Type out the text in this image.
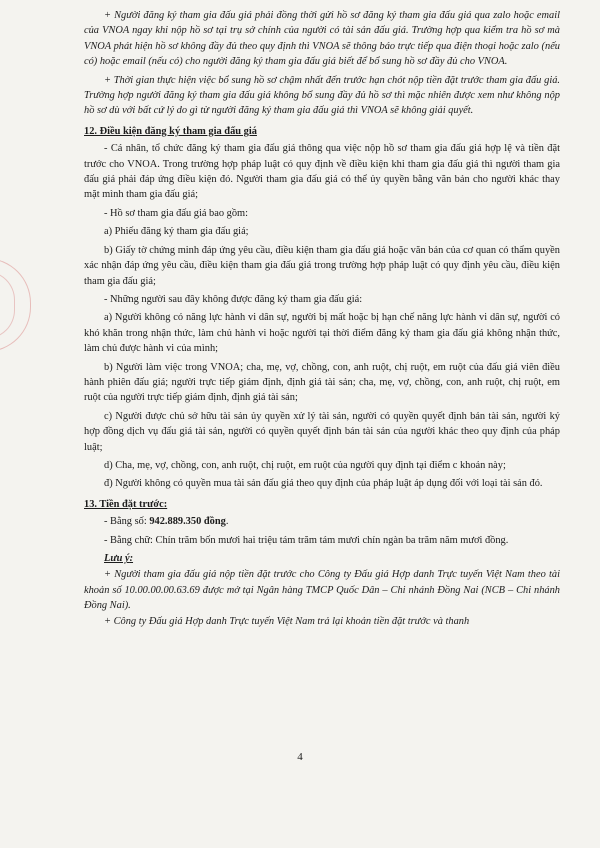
+ Người đăng ký tham gia đấu giá phải đồng thời gửi hồ sơ đăng ký tham gia đấu giá qua zalo hoặc email của VNOA ngay khi nộp hồ sơ tại trụ sở chính của người có tài sản đấu giá. Trường hợp qua kiểm tra hồ sơ mà VNOA phát hiện hồ sơ không đầy đủ theo quy định thì VNOA sẽ thông báo trực tiếp qua điện thoại hoặc zalo (nếu có) hoặc email (nếu có) cho người đăng ký tham gia đấu giá biết để bổ sung hồ sơ đầy đủ cho VNOA.

+ Thời gian thực hiện việc bổ sung hồ sơ chậm nhất đến trước hạn chót nộp tiền đặt trước tham gia đấu giá. Trường hợp người đăng ký tham gia đấu giá không bổ sung đầy đủ hồ sơ thì mặc nhiên được xem như không nộp hồ sơ dù với bất cứ lý do gì từ người đăng ký tham gia đấu giá thì VNOA sẽ không giải quyết.

12. Điều kiện đăng ký tham gia đấu giá

- Cá nhân, tổ chức đăng ký tham gia đấu giá thông qua việc nộp hồ sơ tham gia đấu giá hợp lệ và tiền đặt trước cho VNOA. Trong trường hợp pháp luật có quy định về điều kiện khi tham gia đấu giá thì người tham gia đấu giá phải đáp ứng điều kiện đó. Người tham gia đấu giá có thể ủy quyền bằng văn bản cho người khác thay mặt mình tham gia đấu giá;

- Hồ sơ tham gia đấu giá bao gồm:

a) Phiếu đăng ký tham gia đấu giá;

b) Giấy tờ chứng minh đáp ứng yêu cầu, điều kiện tham gia đấu giá hoặc văn bản của cơ quan có thẩm quyền xác nhận đáp ứng yêu cầu, điều kiện tham gia đấu giá trong trường hợp pháp luật có quy định yêu cầu, điều kiện tham gia đấu giá;

- Những người sau đây không được đăng ký tham gia đấu giá:

a) Người không có năng lực hành vi dân sự, người bị mất hoặc bị hạn chế năng lực hành vi dân sự, người có khó khăn trong nhận thức, làm chủ hành vi hoặc người tại thời điểm đăng ký tham gia đấu giá không nhận thức, làm chủ được hành vi của mình;

b) Người làm việc trong VNOA; cha, mẹ, vợ, chồng, con, anh ruột, chị ruột, em ruột của đấu giá viên điều hành phiên đấu giá; người trực tiếp giám định, định giá tài sản; cha, mẹ, vợ, chồng, con, anh ruột, chị ruột, em ruột của người trực tiếp giám định, định giá tài sản;

c) Người được chủ sở hữu tài sản ủy quyền xử lý tài sản, người có quyền quyết định bán tài sản, người ký hợp đồng dịch vụ đấu giá tài sản, người có quyền quyết định bán tài sản của người khác theo quy định của pháp luật;

d) Cha, mẹ, vợ, chồng, con, anh ruột, chị ruột, em ruột của người quy định tại điểm c khoản này;

đ) Người không có quyền mua tài sản đấu giá theo quy định của pháp luật áp dụng đối với loại tài sản đó.

13. Tiền đặt trước:

- Bằng số: 942.889.350 đồng.

- Bằng chữ: Chín trăm bốn mươi hai triệu tám trăm tám mươi chín ngàn ba trăm năm mươi đồng.

Lưu ý:

+ Người tham gia đấu giá nộp tiền đặt trước cho Công ty Đấu giá Hợp danh Trực tuyến Việt Nam theo tài khoản số 10.00.00.00.63.69 được mở tại Ngân hàng TMCP Quốc Dân – Chi nhánh Đồng Nai (NCB – Chi nhánh Đồng Nai).

+ Công ty Đấu giá Hợp danh Trực tuyến Việt Nam trả lại khoản tiền đặt trước và thanh

4
